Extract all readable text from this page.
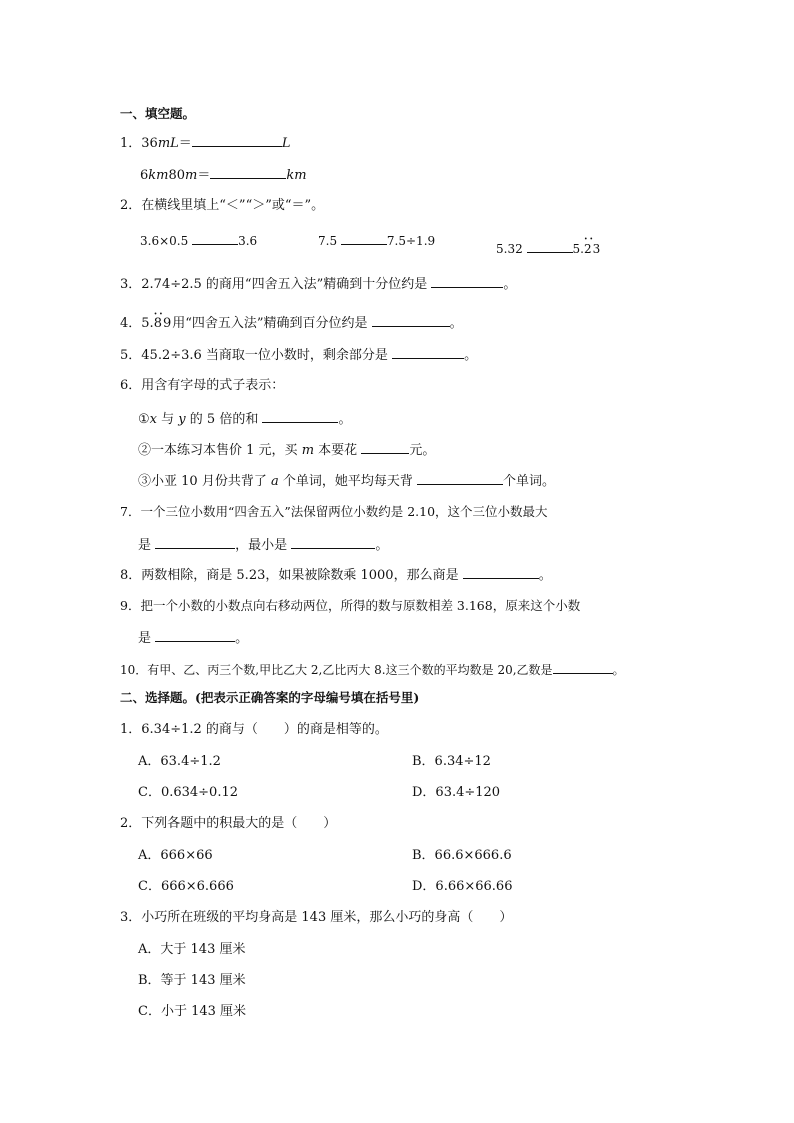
一、填空题。
1．36mL＝	L
6km80m＝	km
2．在横线里填上“＜”“＞”或“＝”。
3.6×0.5	3.6	7.5	7.5÷1.9
5.32	5.• • 23
3．2.74÷2.5 的商用“四舍五入法”精确到十分位约是	。
4．5.• • 89用“四舍五入法”精确到百分位约是	。
5．45.2÷3.6 当商取一位小数时，剩余部分是	。
6．用含有字母的式子表示：
①x 与 y 的 5 倍的和	。
②一本练习本售价 1 元，买 m 本要花	元。
③小亚 10 月份共背了 a 个单词，她平均每天背	个单词。
7．一个三位小数用“四舍五入”法保留两位小数约是 2.10，这个三位小数最大
是	，最小是	。
8．两数相除，商是 5.23，如果被除数乘 1000，那么商是	。
9．把一个小数的小数点向右移动两位，所得的数与原数相差 3.168，原来这个小数
是	。
10．有甲、乙、丙三个数,甲比乙大 2,乙比丙大 8.这三个数的平均数是 20,乙数是	。
二、选择题。(把表示正确答案的字母编号填在括号里)
1．6.34÷1.2 的商与（　　）的商是相等的。
A．63.4÷1.2	B．6.34÷12
C．0.634÷0.12	D．63.4÷120
2．下列各题中的积最大的是（　　）
A．666×66	B．66.6×666.6
C．666×6.666	D．6.66×66.66
3．小巧所在班级的平均身高是 143 厘米，那么小巧的身高（　　）
A．大于 143 厘米
B．等于 143 厘米
C．小于 143 厘米
